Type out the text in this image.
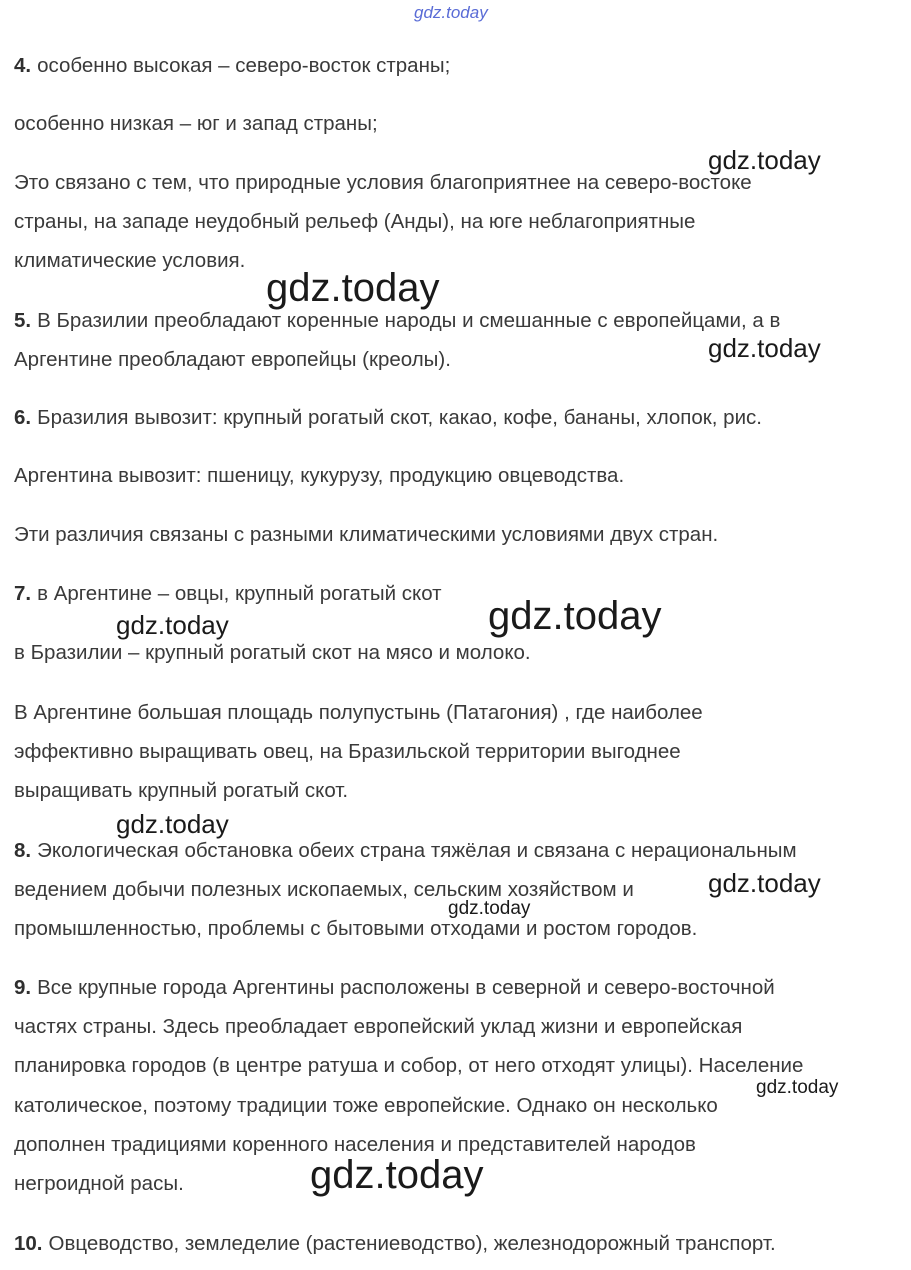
gdz.today
gdz.today
gdz.today
gdz.today
gdz.today
gdz.today
gdz.today
gdz.today
gdz.today
gdz.today
gdz.today
4. особенно высокая – северо-восток страны;
особенно низкая – юг и запад страны;
Это связано с тем, что природные условия благоприятнее на северо-востоке
страны, на западе неудобный рельеф (Анды), на юге неблагоприятные
климатические условия.
5. В Бразилии преобладают коренные народы и смешанные с европейцами, а в
Аргентине преобладают европейцы (креолы).
6. Бразилия вывозит: крупный рогатый скот, какао, кофе, бананы, хлопок, рис.
Аргентина вывозит: пшеницу, кукурузу, продукцию овцеводства.
Эти различия связаны с разными климатическими условиями двух стран.
7. в Аргентине – овцы, крупный рогатый скот
в Бразилии – крупный рогатый скот на мясо и молоко.
В Аргентине большая площадь полупустынь (Патагония) , где наиболее
эффективно выращивать овец, на Бразильской территории выгоднее
выращивать крупный рогатый скот.
8. Экологическая обстановка обеих страна тяжёлая и связана с нерациональным
ведением добычи полезных ископаемых, сельским хозяйством и
промышленностью, проблемы с бытовыми отходами и ростом городов.
9. Все крупные города Аргентины расположены в северной и северо-восточной
частях страны. Здесь преобладает европейский уклад жизни и европейская
планировка городов (в центре ратуша и собор, от него отходят улицы). Население
католическое, поэтому традиции тоже европейские. Однако он несколько
дополнен традициями коренного населения и представителей народов
негроидной расы.
10. Овцеводство, земледелие (растениеводство), железнодорожный транспорт.
